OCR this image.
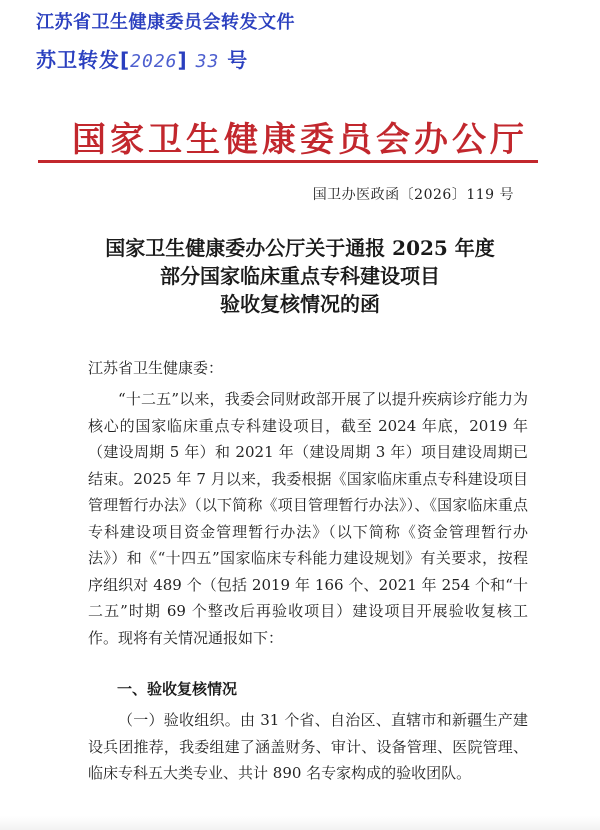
江苏省卫生健康委员会转发文件
苏卫转发[2026] 33 号
国家卫生健康委员会办公厅
国卫办医政函〔2026〕119 号
国家卫生健康委办公厅关于通报 2025 年度
部分国家临床重点专科建设项目
验收复核情况的函
江苏省卫生健康委：

“十二五”以来，我委会同财政部开展了以提升疾病诊疗能力为核心的国家临床重点专科建设项目，截至 2024 年底，2019 年（建设周期 5 年）和 2021 年（建设周期 3 年）项目建设周期已结束。2025 年 7 月以来，我委根据《国家临床重点专科建设项目管理暂行办法》（以下简称《项目管理暂行办法》）、《国家临床重点专科建设项目资金管理暂行办法》（以下简称《资金管理暂行办法》）和《“十四五”国家临床专科能力建设规划》有关要求，按程序组织对 489 个（包括 2019 年 166 个、2021 年 254 个和“十二五”时期 69 个整改后再验收项目）建设项目开展验收复核工作。现将有关情况通报如下：

一、验收复核情况

（一）验收组织。由 31 个省、自治区、直辖市和新疆生产建设兵团推荐，我委组建了涵盖财务、审计、设备管理、医院管理、临床专科五大类专业、共计 890 名专家构成的验收团队。
